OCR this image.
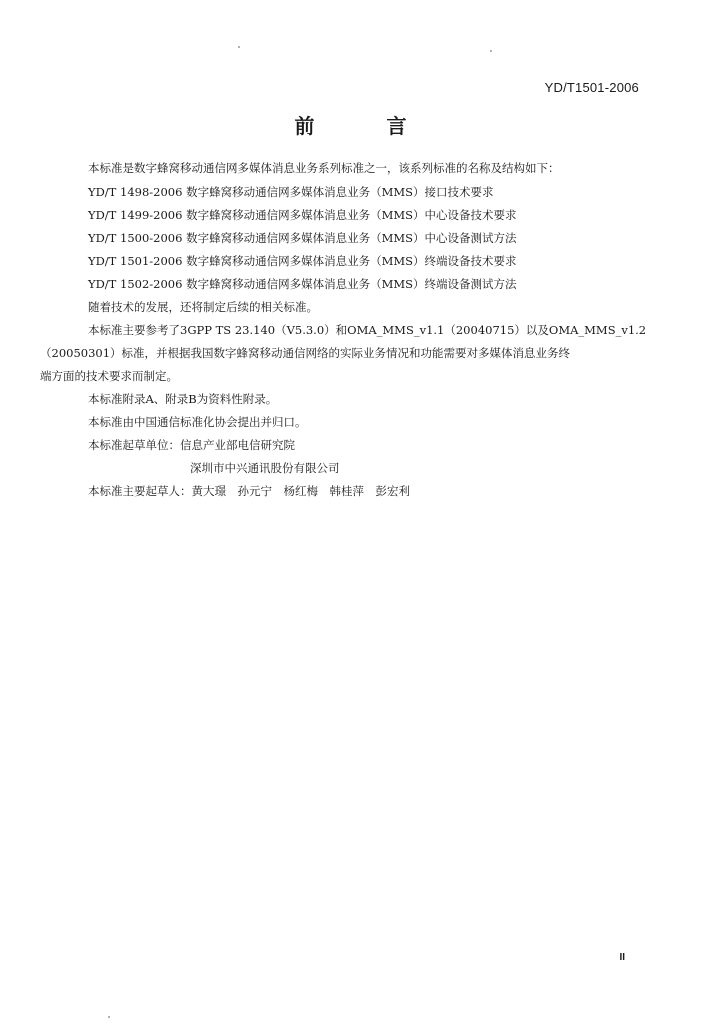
YD/T1501-2006
前　言
本标准是数字蜂窝移动通信网多媒体消息业务系列标准之一，该系列标准的名称及结构如下：
YD/T 1498-2006 数字蜂窝移动通信网多媒体消息业务（MMS）接口技术要求
YD/T 1499-2006 数字蜂窝移动通信网多媒体消息业务（MMS）中心设备技术要求
YD/T 1500-2006 数字蜂窝移动通信网多媒体消息业务（MMS）中心设备测试方法
YD/T 1501-2006 数字蜂窝移动通信网多媒体消息业务（MMS）终端设备技术要求
YD/T 1502-2006 数字蜂窝移动通信网多媒体消息业务（MMS）终端设备测试方法
随着技术的发展，还将制定后续的相关标准。
本标准主要参考了3GPP TS 23.140（V5.3.0）和OMA_MMS_v1.1（20040715）以及OMA_MMS_v1.2
（20050301）标准，并根据我国数字蜂窝移动通信网络的实际业务情况和功能需要对多媒体消息业务终
端方面的技术要求而制定。
本标准附录A、附录B为资料性附录。
本标准由中国通信标准化协会提出并归口。
本标准起草单位：信息产业部电信研究院
深圳市中兴通讯股份有限公司
本标准主要起草人：黄大璟　孙元宁　杨红梅　韩桂萍　彭宏利
II
